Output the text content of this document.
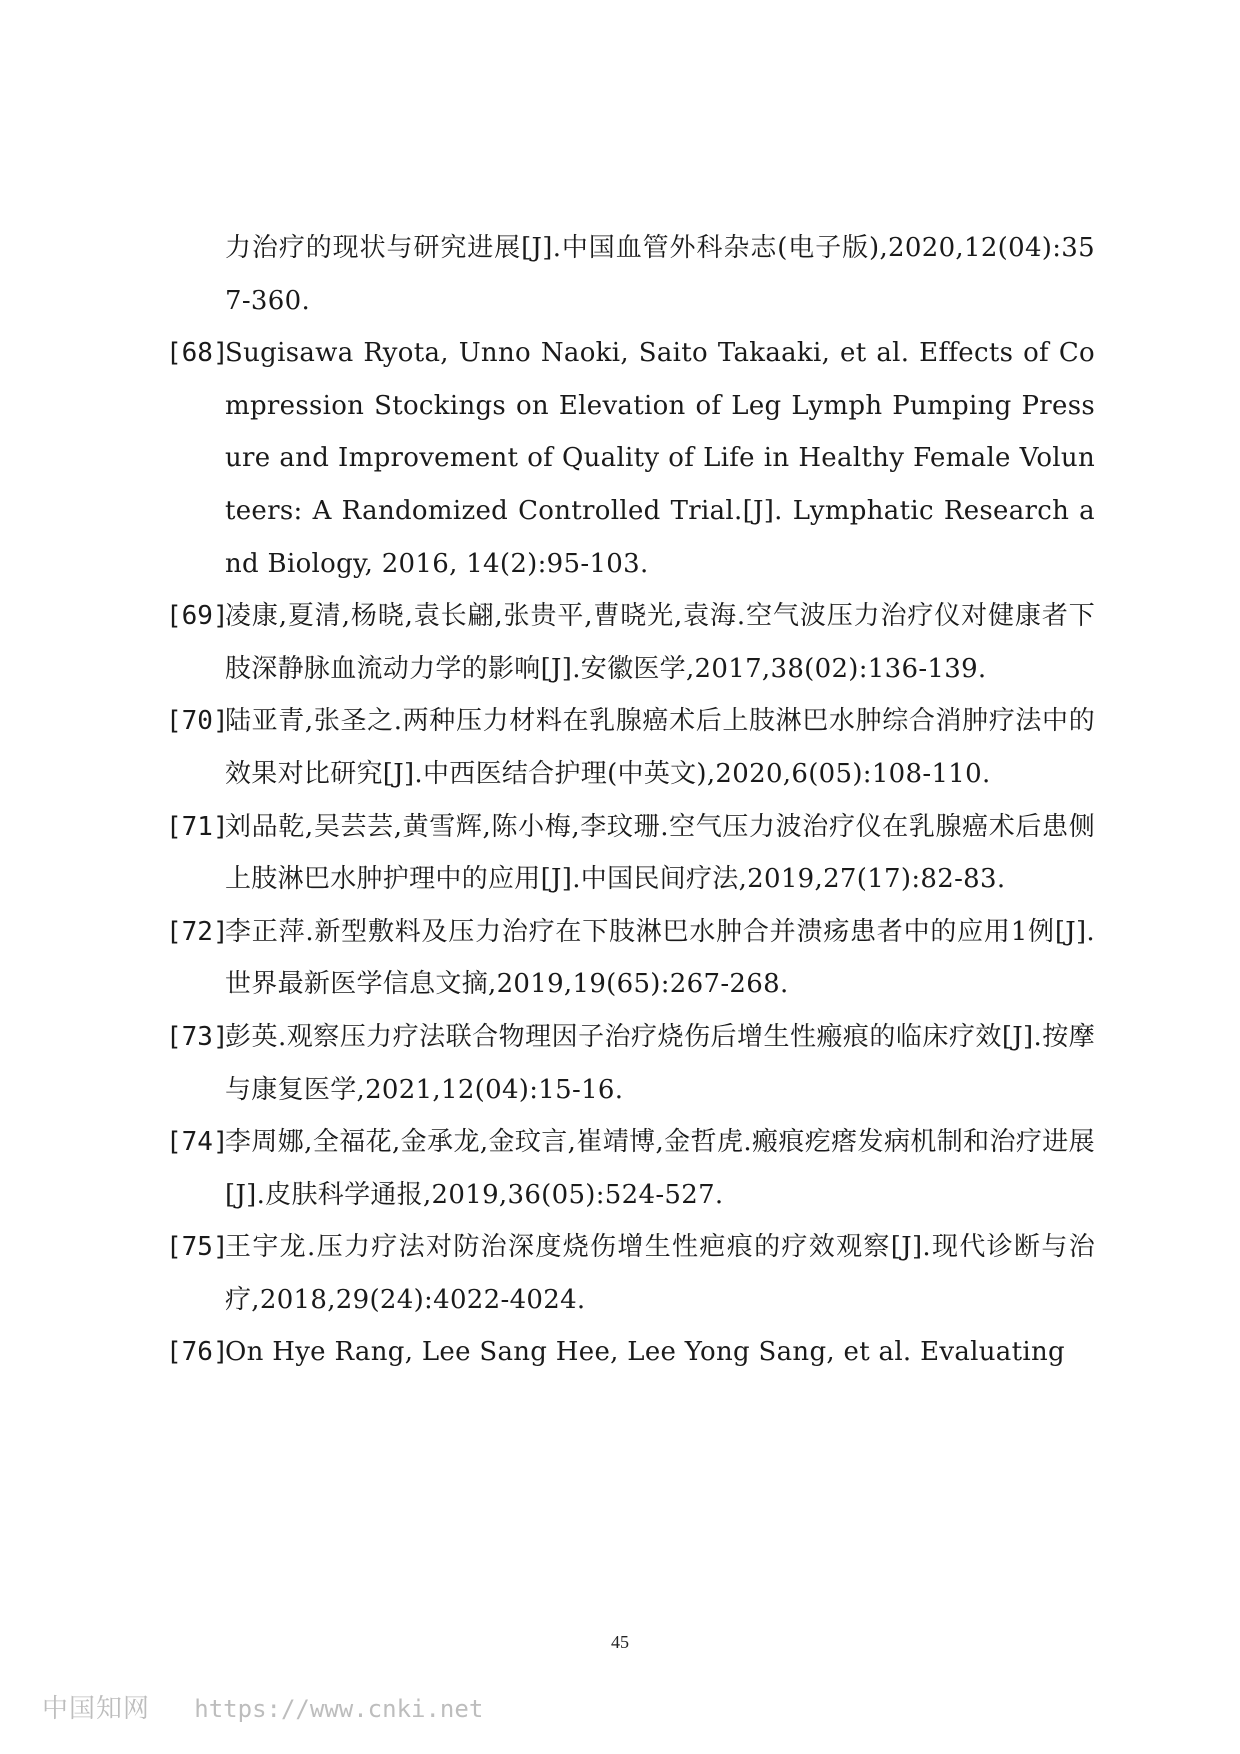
力治疗的现状与研究进展[J].中国血管外科杂志(电子版),2020,12(04):357-360.
[68]
Sugisawa Ryota, Unno Naoki, Saito Takaaki, et al. Effects of Compression Stockings on Elevation of Leg Lymph Pumping Pressure and Improvement of Quality of Life in Healthy Female Volunteers: A Randomized Controlled Trial.[J]. Lymphatic Research and Biology, 2016, 14(2):95-103.
[69]
凌康,夏清,杨晓,袁长翩,张贵平,曹晓光,袁海.空气波压力治疗仪对健康者下肢深静脉血流动力学的影响[J].安徽医学,2017,38(02):136-139.
[70]
陆亚青,张圣之.两种压力材料在乳腺癌术后上肢淋巴水肿综合消肿疗法中的效果对比研究[J].中西医结合护理(中英文),2020,6(05):108-110.
[71]
刘品乾,吴芸芸,黄雪辉,陈小梅,李玟珊.空气压力波治疗仪在乳腺癌术后患侧上肢淋巴水肿护理中的应用[J].中国民间疗法,2019,27(17):82-83.
[72]
李正萍.新型敷料及压力治疗在下肢淋巴水肿合并溃疡患者中的应用1例[J].世界最新医学信息文摘,2019,19(65):267-268.
[73]
彭英.观察压力疗法联合物理因子治疗烧伤后增生性瘢痕的临床疗效[J].按摩与康复医学,2021,12(04):15-16.
[74]
李周娜,全福花,金承龙,金玟言,崔靖博,金哲虎.瘢痕疙瘩发病机制和治疗进展[J].皮肤科学通报,2019,36(05):524-527.
[75]
王宇龙.压力疗法对防治深度烧伤增生性疤痕的疗效观察[J].现代诊断与治疗,2018,29(24):4022-4024.
[76]
On Hye Rang, Lee Sang Hee, Lee Yong Sang, et al. Evaluating
45
中国知网 https://www.cnki.net
